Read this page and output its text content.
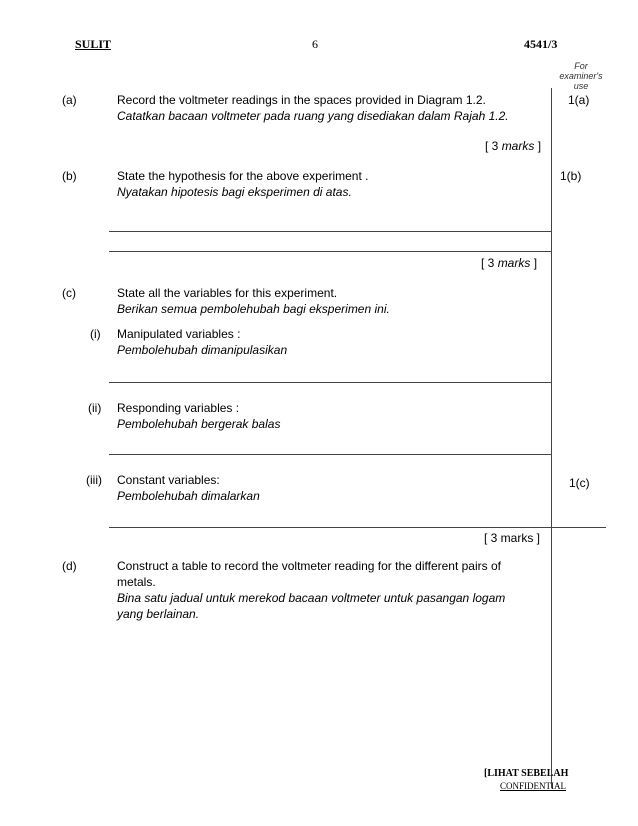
SULIT	6	4541/3
For
examiner's
use
(a)	Record the voltmeter readings in the spaces provided in Diagram 1.2.
Catatkan bacaan voltmeter pada ruang yang disediakan dalam Rajah 1.2.
1(a)
[ 3 marks ]
(b)	State the hypothesis for the above experiment .
Nyatakan hipotesis bagi eksperimen di atas.
1(b)
[ 3 marks ]
(c)	State all the variables for this experiment.
Berikan semua pembolehubah bagi eksperimen ini.
(i) Manipulated variables :
Pembolehubah dimanipulasikan
(ii) Responding variables :
Pembolehubah bergerak balas
(iii) Constant variables:
Pembolehubah dimalarkan
1(c)
[ 3 marks ]
(d)	Construct a table to record the voltmeter reading for the different pairs of
metals.
Bina satu jadual untuk merekod bacaan voltmeter untuk pasangan logam
yang berlainan.
[LIHAT SEBELAH
CONFIDENTIAL
